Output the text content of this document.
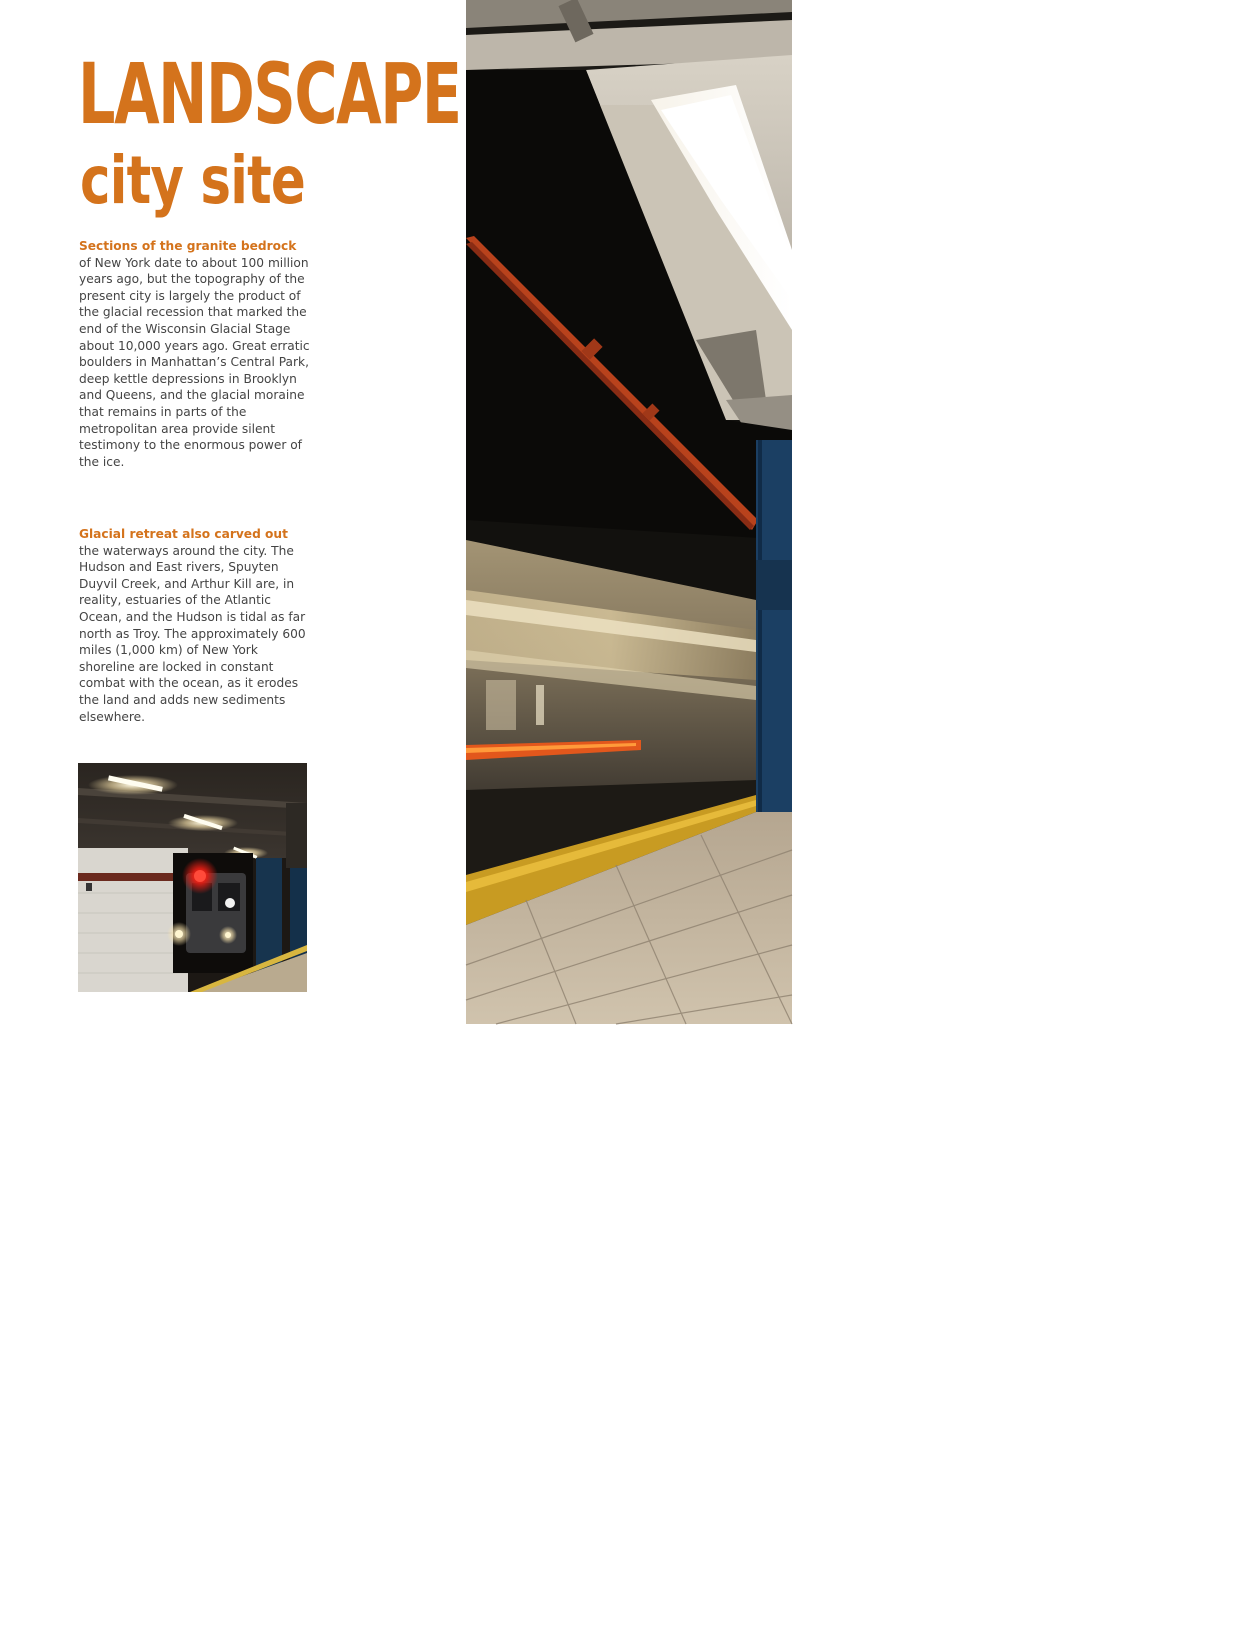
LANDSCAPE
city site
Sections of the granite bedrock
of New York date to about 100 million years ago, but the topography of the present city is largely the product of the glacial recession that marked the end of the Wisconsin Glacial Stage about 10,000 years ago. Great erratic boulders in Manhattan’s Central Park, deep kettle depressions in Brooklyn and Queens, and the glacial moraine that remains in parts of the metropolitan area provide silent testimony to the enormous power of the ice.
Glacial retreat also carved out
the waterways around the city. The Hudson and East rivers, Spuyten Duyvil Creek, and Arthur Kill are, in reality, estuaries of the Atlantic Ocean, and the Hudson is tidal as far north as Troy. The approximately 600 miles (1,000 km) of New York shoreline are locked in constant combat with the ocean, as it erodes the land and adds new sediments elsewhere.
42
Street
23
Stree
